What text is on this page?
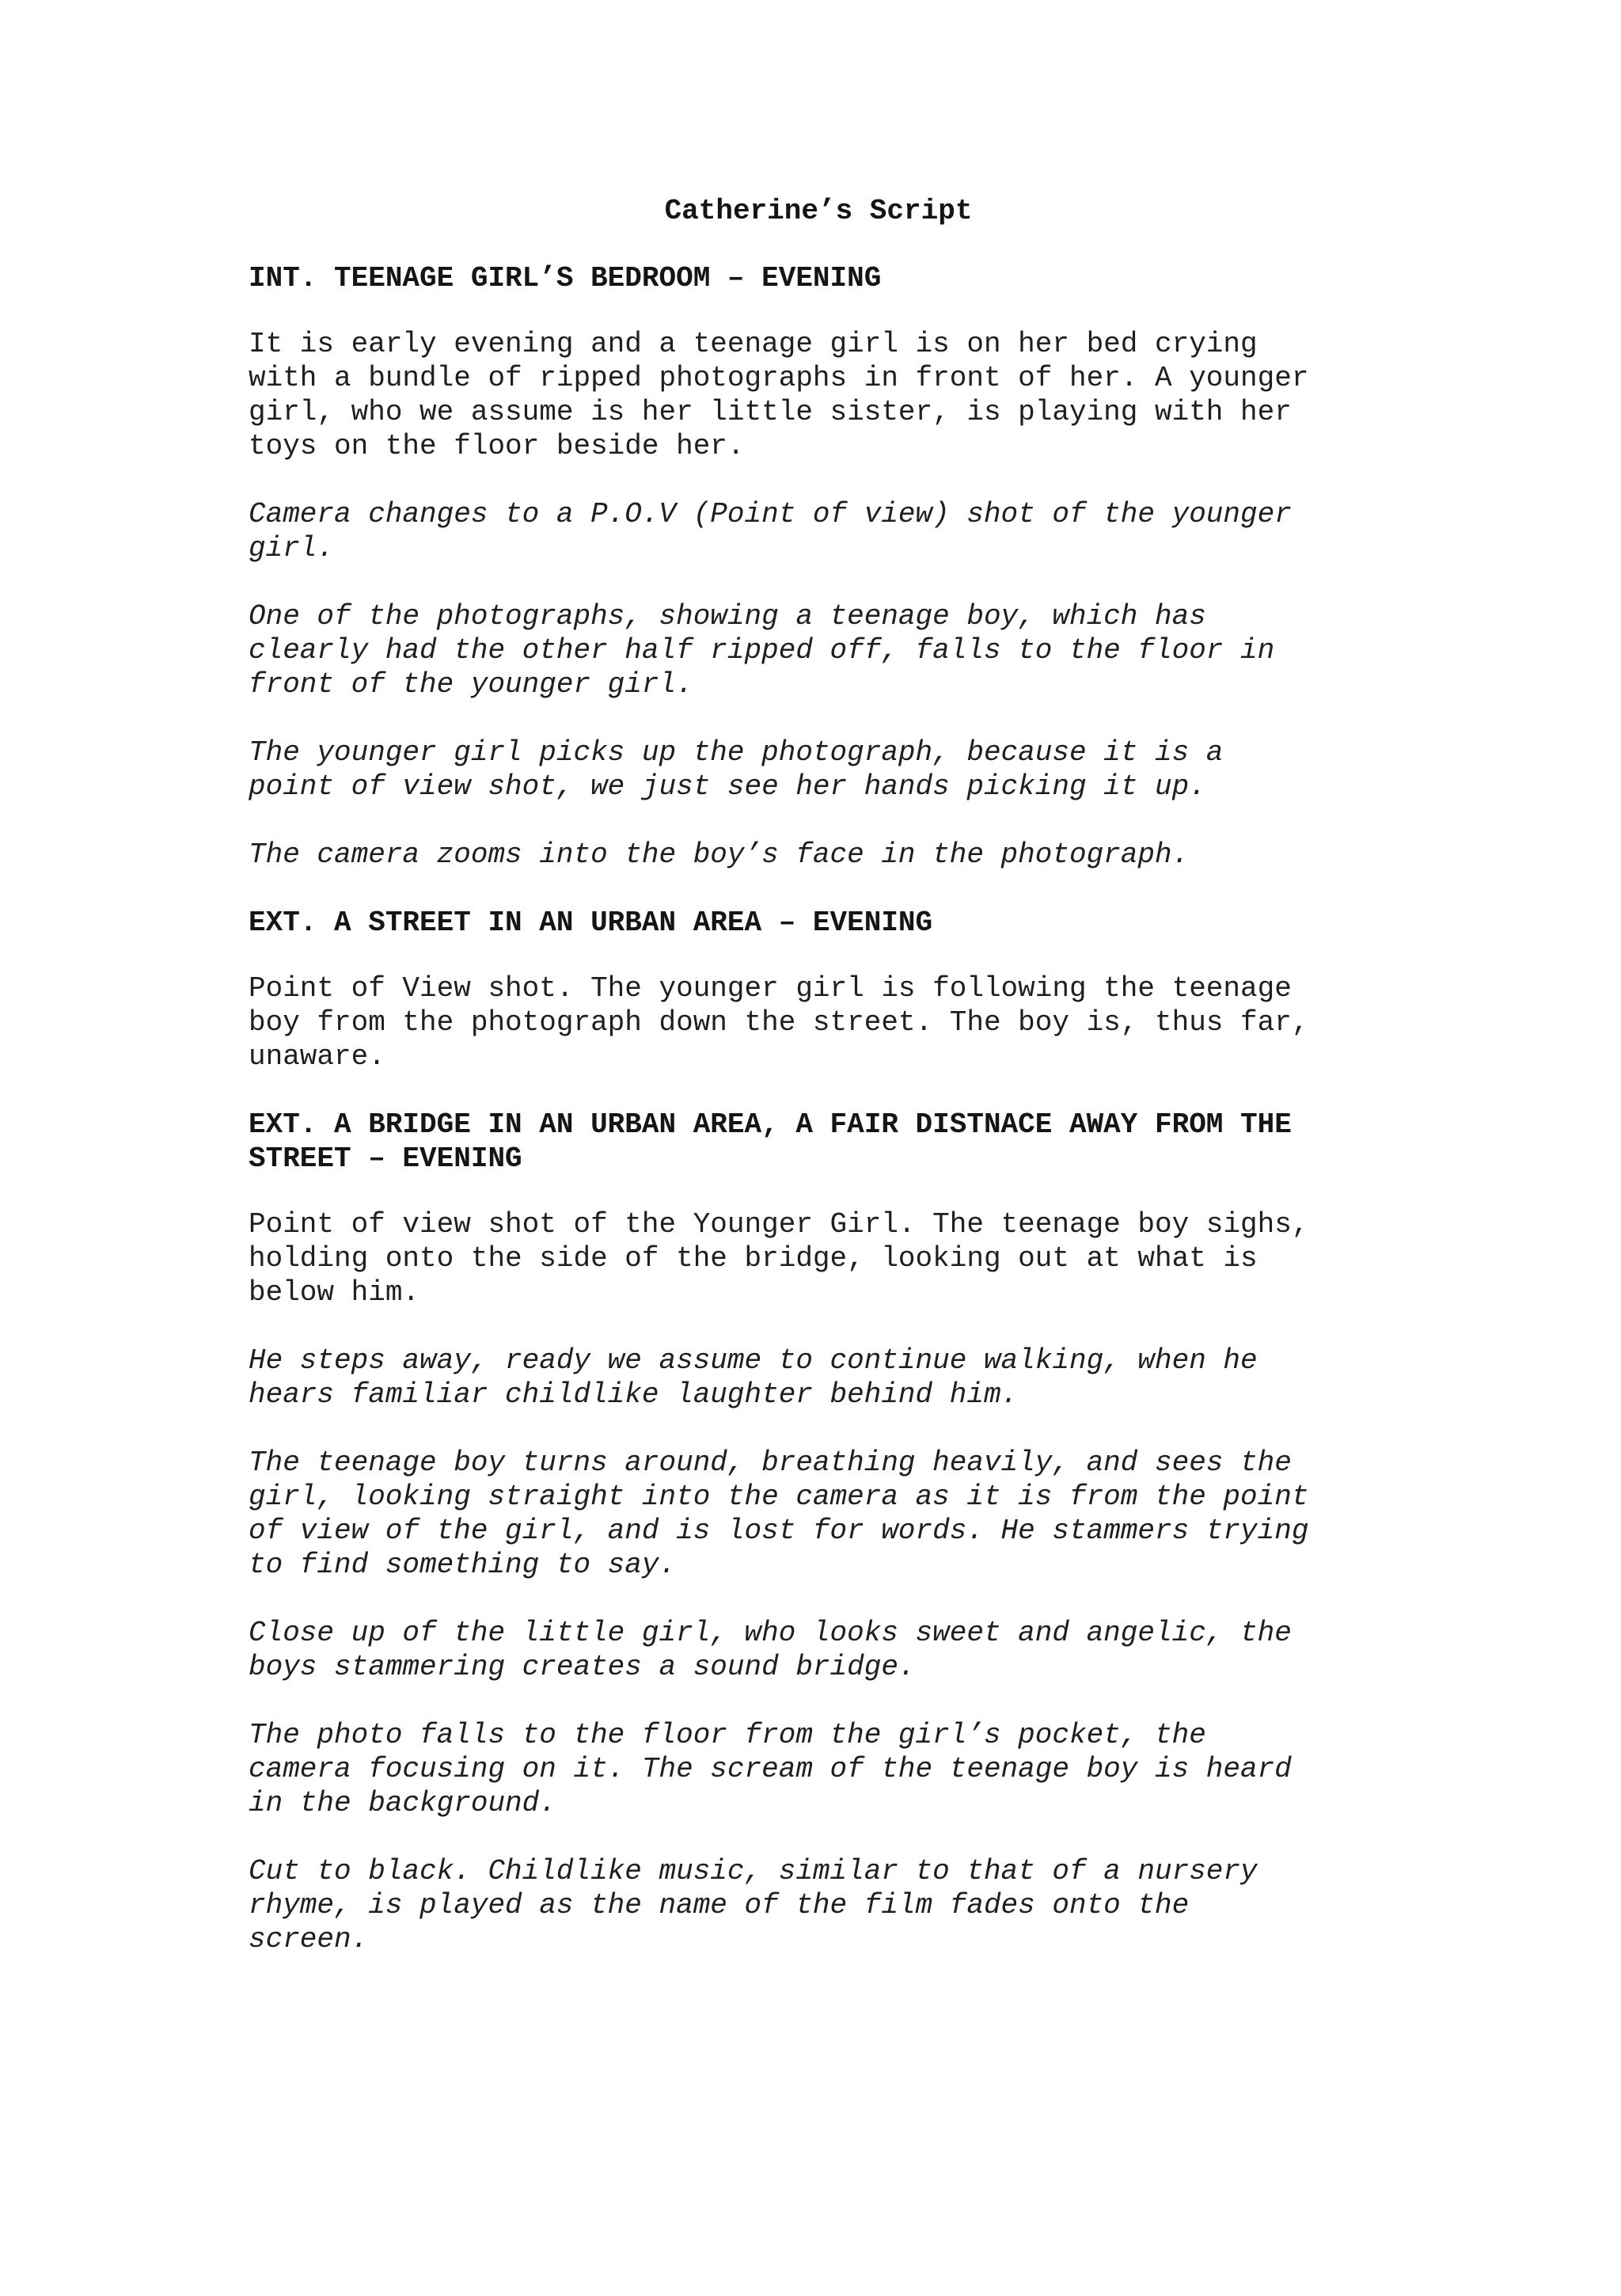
Catherine’s Script
INT. TEENAGE GIRL’S BEDROOM – EVENING
It is early evening and a teenage girl is on her bed crying
with a bundle of ripped photographs in front of her. A younger
girl, who we assume is her little sister, is playing with her
toys on the floor beside her.
Camera changes to a P.O.V (Point of view) shot of the younger
girl.
One of the photographs, showing a teenage boy, which has
clearly had the other half ripped off, falls to the floor in
front of the younger girl.
The younger girl picks up the photograph, because it is a
point of view shot, we just see her hands picking it up.
The camera zooms into the boy’s face in the photograph.
EXT. A STREET IN AN URBAN AREA – EVENING
Point of View shot. The younger girl is following the teenage
boy from the photograph down the street. The boy is, thus far,
unaware.
EXT. A BRIDGE IN AN URBAN AREA, A FAIR DISTNACE AWAY FROM THE
STREET – EVENING
Point of view shot of the Younger Girl. The teenage boy sighs,
holding onto the side of the bridge, looking out at what is
below him.
He steps away, ready we assume to continue walking, when he
hears familiar childlike laughter behind him.
The teenage boy turns around, breathing heavily, and sees the
girl, looking straight into the camera as it is from the point
of view of the girl, and is lost for words. He stammers trying
to find something to say.
Close up of the little girl, who looks sweet and angelic, the
boys stammering creates a sound bridge.
The photo falls to the floor from the girl’s pocket, the
camera focusing on it. The scream of the teenage boy is heard
in the background.
Cut to black. Childlike music, similar to that of a nursery
rhyme, is played as the name of the film fades onto the
screen.
